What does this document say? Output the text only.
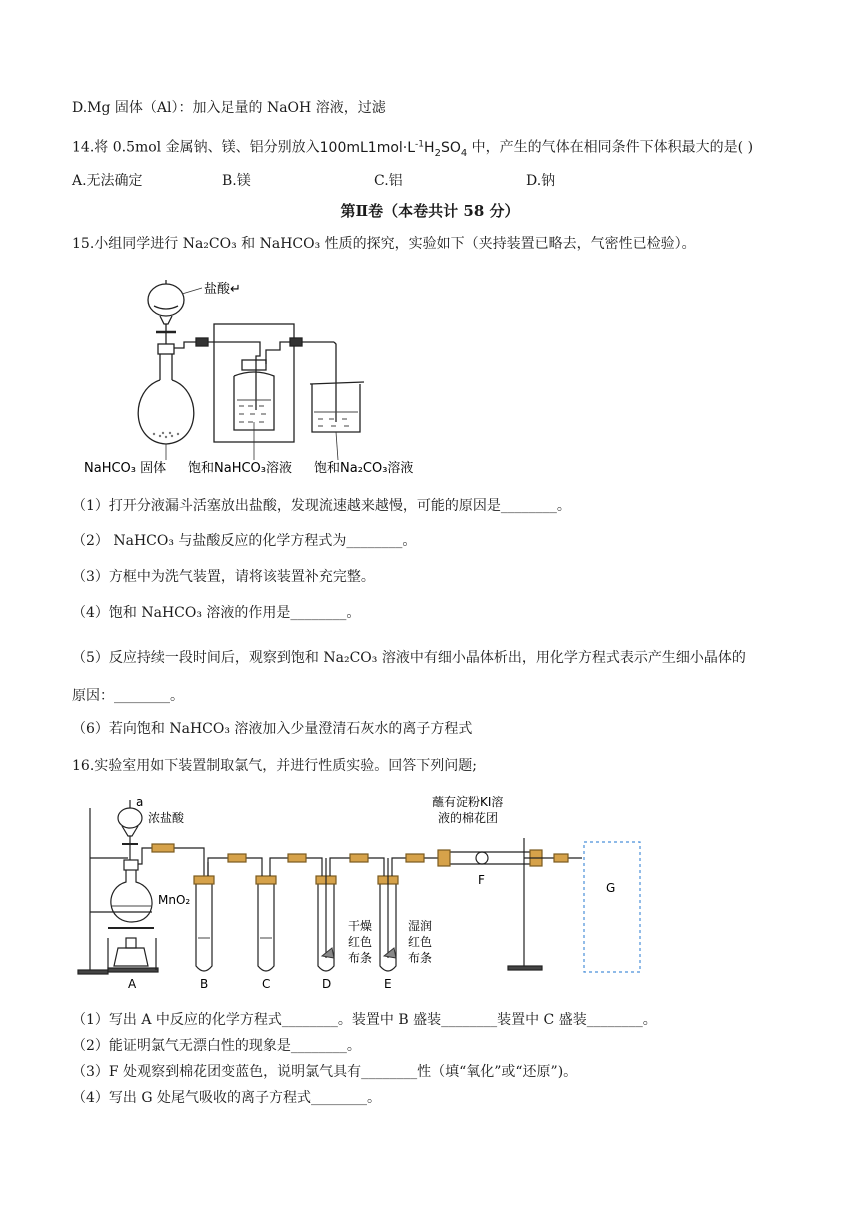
D.Mg 固体（Al）：加入足量的 NaOH 溶液，过滤
14.将 0.5mol 金属钠、镁、铝分别放入$100mL1mol\cdot L^{-1}H_2SO_4$ 中，产生的气体在相同条件下体积最大的是( )
A.无法确定	B.镁	C.铝	D.钠
第Ⅱ卷（本卷共计 58 分）
15.小组同学进行 Na₂CO₃ 和 NaHCO₃ 性质的探究，实验如下（夹持装置已略去，气密性已检验）。
盐酸↵
NaHCO₃ 固体 饱和NaHCO₃溶液 饱和Na₂CO₃溶液
（1）打开分液漏斗活塞放出盐酸，发现流速越来越慢，可能的原因是________。
（2） NaHCO₃ 与盐酸反应的化学方程式为________。
（3）方框中为洗气装置，请将该装置补充完整。
（4）饱和 NaHCO₃ 溶液的作用是________。
（5）反应持续一段时间后，观察到饱和 Na₂CO₃ 溶液中有细小晶体析出，用化学方程式表示产生细小晶体的
原因：________。
（6）若向饱和 NaHCO₃ 溶液加入少量澄清石灰水的离子方程式
16.实验室用如下装置制取氯气，并进行性质实验。回答下列问题;
a
浓盐酸
MnO₂
蘸有淀粉KI溶
液的棉花团
干燥
红色
布条
湿润
红色
布条
A	B	C	D	E
F
G
（1）写出 A 中反应的化学方程式________。装置中 B 盛装________装置中 C 盛装________。
（2）能证明氯气无漂白性的现象是________。
（3）F 处观察到棉花团变蓝色，说明氯气具有________性（填“氧化”或“还原”)。
（4）写出 G 处尾气吸收的离子方程式________。
